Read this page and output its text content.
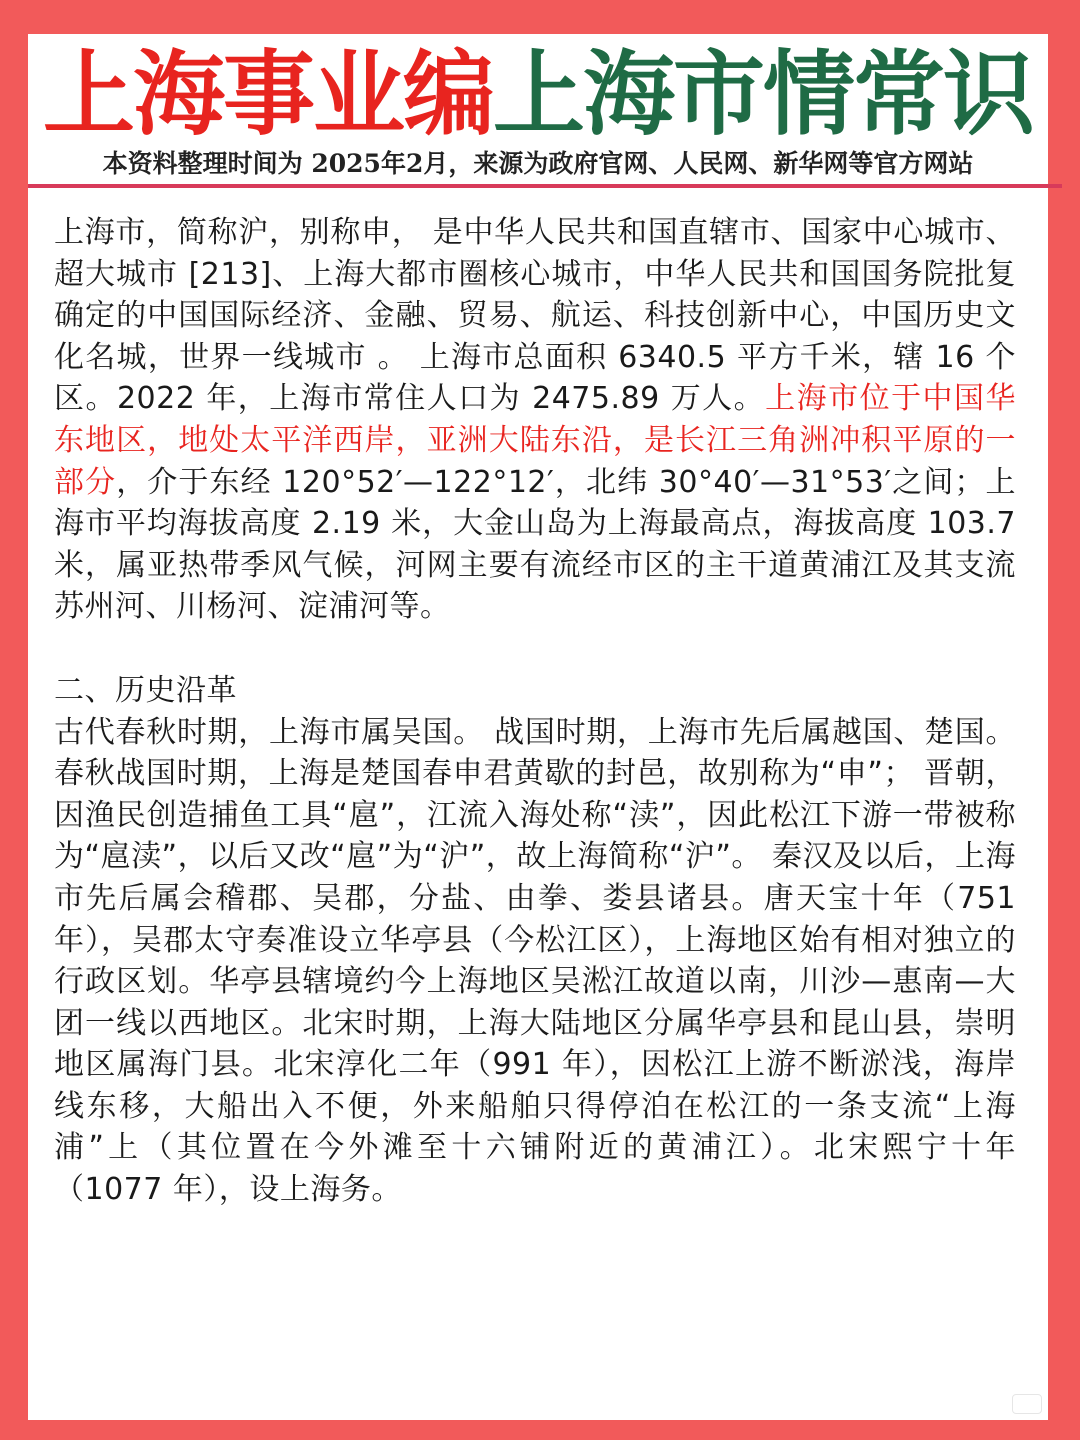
上海事业编上海市情常识
本资料整理时间为 2025年2月，来源为政府官网、人民网、新华网等官方网站

上海市，简称沪，别称申， 是中华人民共和国直辖市、国家中心城市、超大城市 [213]、上海大都市圈核心城市，中华人民共和国国务院批复确定的中国国际经济、金融、贸易、航运、科技创新中心，中国历史文化名城，世界一线城市 。 上海市总面积 6340.5 平方千米，辖 16 个区。2022 年，上海市常住人口为 2475.89 万人。上海市位于中国华东地区，地处太平洋西岸，亚洲大陆东沿，是长江三角洲冲积平原的一部分，介于东经 120°52′—122°12′，北纬 30°40′—31°53′之间；上海市平均海拔高度 2.19 米，大金山岛为上海最高点，海拔高度 103.7 米，属亚热带季风气候，河网主要有流经市区的主干道黄浦江及其支流 苏州河、川杨河、淀浦河等。

二、历史沿革

古代春秋时期，上海市属吴国。 战国时期，上海市先后属越国、楚国。 春秋战国时期，上海是楚国春申君黄歇的封邑，故别称为“申”； 晋朝，因渔民创造捕鱼工具“扈”，江流入海处称“渎”，因此松江下游一带被称为“扈渎”，以后又改“扈”为“沪”，故上海简称“沪”。 秦汉及以后，上海市先后属会稽郡、吴郡，分盐、由拳、娄县诸县。唐天宝十年（751 年），吴郡太守奏准设立华亭县（今松江区），上海地区始有相对独立的行政区划。华亭县辖境约今上海地区吴淞江故道以南，川沙—惠南—大团一线以西地区。北宋时期，上海大陆地区分属华亭县和昆山县，崇明地区属海门县。北宋淳化二年（991 年），因松江上游不断淤浅，海岸线东移，大船出入不便，外来船舶只得停泊在松江的一条支流“上海浦”上（其位置在今外滩至十六铺附近的黄浦江）。北宋熙宁十年（1077 年），设上海务。
